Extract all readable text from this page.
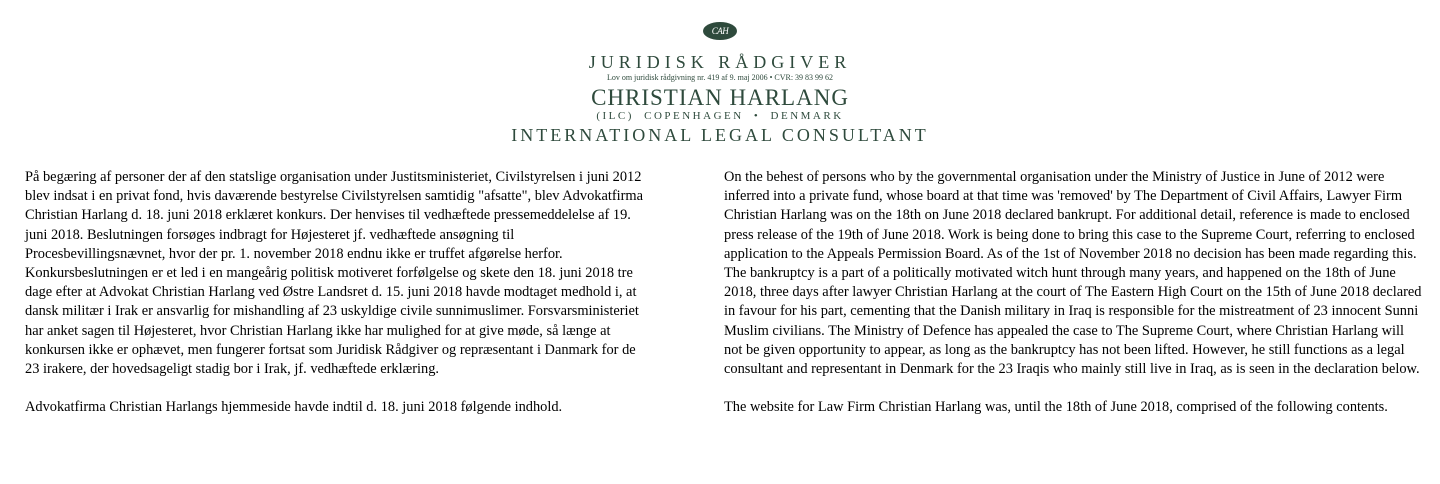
CAH
JURIDISK RÅDGIVER
Lov om juridisk rådgivning nr. 419 af 9. maj 2006 • CVR: 39 83 99 62
CHRISTIAN HARLANG
(ILC) COPENHAGEN • DENMARK
INTERNATIONAL LEGAL CONSULTANT

På begæring af personer der af den statslige organisation under Justitsministeriet, Civilstyrelsen i juni 2012 blev indsat i en privat fond, hvis daværende bestyrelse Civilstyrelsen samtidig "afsatte", blev Advokatfirma Christian Harlang d. 18. juni 2018 erklæret konkurs. Der henvises til vedhæftede pressemeddelelse af 19. juni 2018. Beslutningen forsøges indbragt for Højesteret jf. vedhæftede ansøgning til Procesbevillingsnævnet, hvor der pr. 1. november 2018 endnu ikke er truffet afgørelse herfor.

Konkursbeslutningen er et led i en mangeårig politisk motiveret forfølgelse og skete den 18. juni 2018 tre dage efter at Advokat Christian Harlang ved Østre Landsret d. 15. juni 2018 havde modtaget medhold i, at dansk militær i Irak er ansvarlig for mishandling af 23 uskyldige civile sunnimuslimer. Forsvarsministeriet har anket sagen til Højesteret, hvor Christian Harlang ikke har mulighed for at give møde, så længe at konkursen ikke er ophævet, men fungerer fortsat som Juridisk Rådgiver og repræsentant i Danmark for de 23 irakere, der hovedsageligt stadig bor i Irak, jf. vedhæftede erklæring.

Advokatfirma Christian Harlangs hjemmeside havde indtil d. 18. juni 2018 følgende indhold.

On the behest of persons who by the governmental organisation under the Ministry of Justice in June of 2012 were inferred into a private fund, whose board at that time was 'removed' by The Department of Civil Affairs, Lawyer Firm Christian Harlang was on the 18th on June 2018 declared bankrupt. For additional detail, reference is made to enclosed press release of the 19th of June 2018. Work is being done to bring this case to the Supreme Court, referring to enclosed application to the Appeals Permission Board. As of the 1st of November 2018 no decision has been made regarding this.

The bankruptcy is a part of a politically motivated witch hunt through many years, and happened on the 18th of June 2018, three days after lawyer Christian Harlang at the court of The Eastern High Court on the 15th of June 2018 declared in favour for his part, cementing that the Danish military in Iraq is responsible for the mistreatment of 23 innocent Sunni Muslim civilians. The Ministry of Defence has appealed the case to The Supreme Court, where Christian Harlang will not be given opportunity to appear, as long as the bankruptcy has not been lifted. However, he still functions as a legal consultant and representant in Denmark for the 23 Iraqis who mainly still live in Iraq, as is seen in the declaration below.

The website for Law Firm Christian Harlang was, until the 18th of June 2018, comprised of the following contents.
